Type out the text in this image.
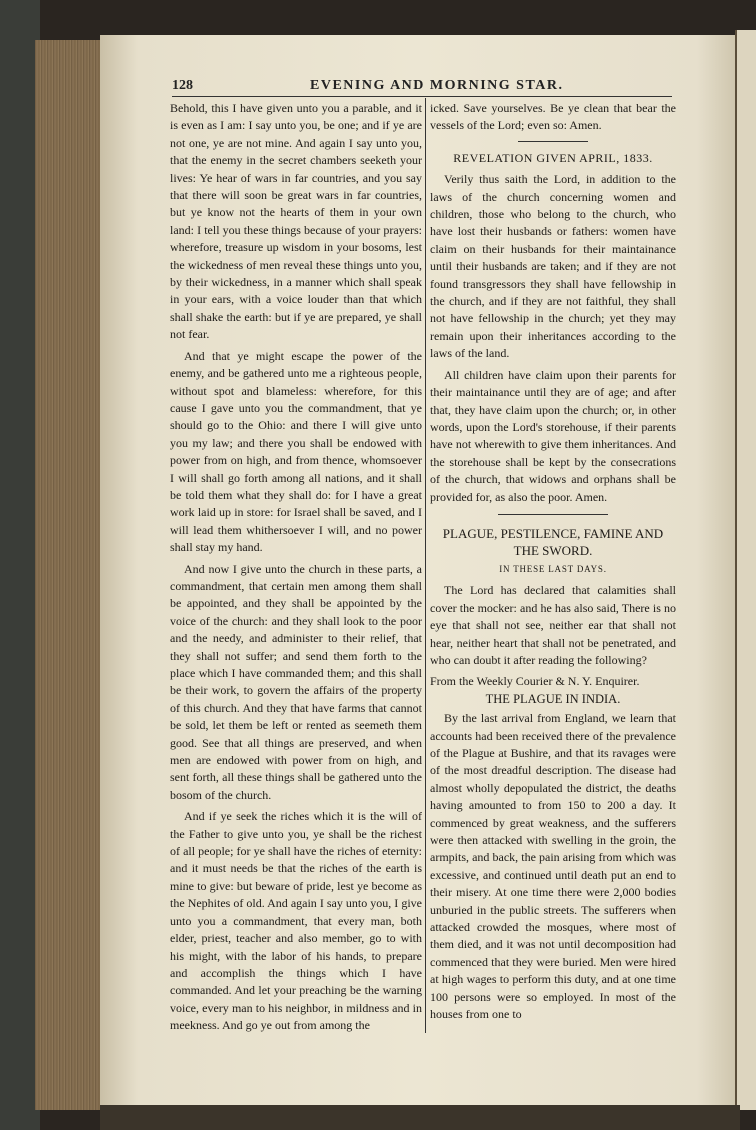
128	EVENING AND MORNING STAR.

Behold, this I have given unto you a parable, and it is even as I am: I say unto you, be one; and if ye are not one, ye are not mine. And again I say unto you, that the enemy in the secret chambers seeketh your lives: Ye hear of wars in far countries, and you say that there will soon be great wars in far countries, but ye know not the hearts of them in your own land: I tell you these things because of your prayers: wherefore, treasure up wisdom in your bosoms, lest the wickedness of men reveal these things unto you, by their wickedness, in a manner which shall speak in your ears, with a voice louder than that which shall shake the earth: but if ye are prepared, ye shall not fear.

And that ye might escape the power of the enemy, and be gathered unto me a righteous people, without spot and blameless: wherefore, for this cause I gave unto you the commandment, that ye should go to the Ohio: and there I will give unto you my law; and there you shall be endowed with power from on high, and from thence, whomsoever I will shall go forth among all nations, and it shall be told them what they shall do: for I have a great work laid up in store: for Israel shall be saved, and I will lead them whithersoever I will, and no power shall stay my hand.

And now I give unto the church in these parts, a commandment, that certain men among them shall be appointed, and they shall be appointed by the voice of the church: and they shall look to the poor and the needy, and administer to their relief, that they shall not suffer; and send them forth to the place which I have commanded them; and this shall be their work, to govern the affairs of the property of this church. And they that have farms that cannot be sold, let them be left or rented as seemeth them good. See that all things are preserved, and when men are endowed with power from on high, and sent forth, all these things shall be gathered unto the bosom of the church.

And if ye seek the riches which it is the will of the Father to give unto you, ye shall be the richest of all people; for ye shall have the riches of eternity: and it must needs be that the riches of the earth is mine to give: but beware of pride, lest ye become as the Nephites of old. And again I say unto you, I give unto you a commandment, that every man, both elder, priest, teacher and also member, go to with his might, with the labor of his hands, to prepare and accomplish the things which I have commanded. And let your preaching be the warning voice, every man to his neighbor, in mildness and in meekness. And go ye out from among the

icked. Save yourselves. Be ye clean that bear the vessels of the Lord; even so: Amen.

REVELATION GIVEN APRIL, 1833.

Verily thus saith the Lord, in addition to the laws of the church concerning women and children, those who belong to the church, who have lost their husbands or fathers: women have claim on their husbands for their maintainance until their husbands are taken; and if they are not found transgressors they shall have fellowship in the church, and if they are not faithful, they shall not have fellowship in the church; yet they may remain upon their inheritances according to the laws of the land.

All children have claim upon their parents for their maintainance until they are of age; and after that, they have claim upon the church; or, in other words, upon the Lord's storehouse, if their parents have not wherewith to give them inheritances. And the storehouse shall be kept by the consecrations of the church, that widows and orphans shall be provided for, as also the poor. Amen.

PLAGUE, PESTILENCE, FAMINE AND THE SWORD.

IN THESE LAST DAYS.

The Lord has declared that calamities shall cover the mocker: and he has also said, There is no eye that shall not see, neither ear that shall not hear, neither heart that shall not be penetrated, and who can doubt it after reading the following?

From the Weekly Courier & N. Y. Enquirer.

THE PLAGUE IN INDIA.

By the last arrival from England, we learn that accounts had been received there of the prevalence of the Plague at Bushire, and that its ravages were of the most dreadful description. The disease had almost wholly depopulated the district, the deaths having amounted to from 150 to 200 a day. It commenced by great weakness, and the sufferers were then attacked with swelling in the groin, the armpits, and back, the pain arising from which was excessive, and continued until death put an end to their misery. At one time there were 2,000 bodies unburied in the public streets. The sufferers when attacked crowded the mosques, where most of them died, and it was not until decomposition had commenced that they were buried. Men were hired at high wages to perform this duty, and at one time 100 persons were so employed. In most of the houses from one to
